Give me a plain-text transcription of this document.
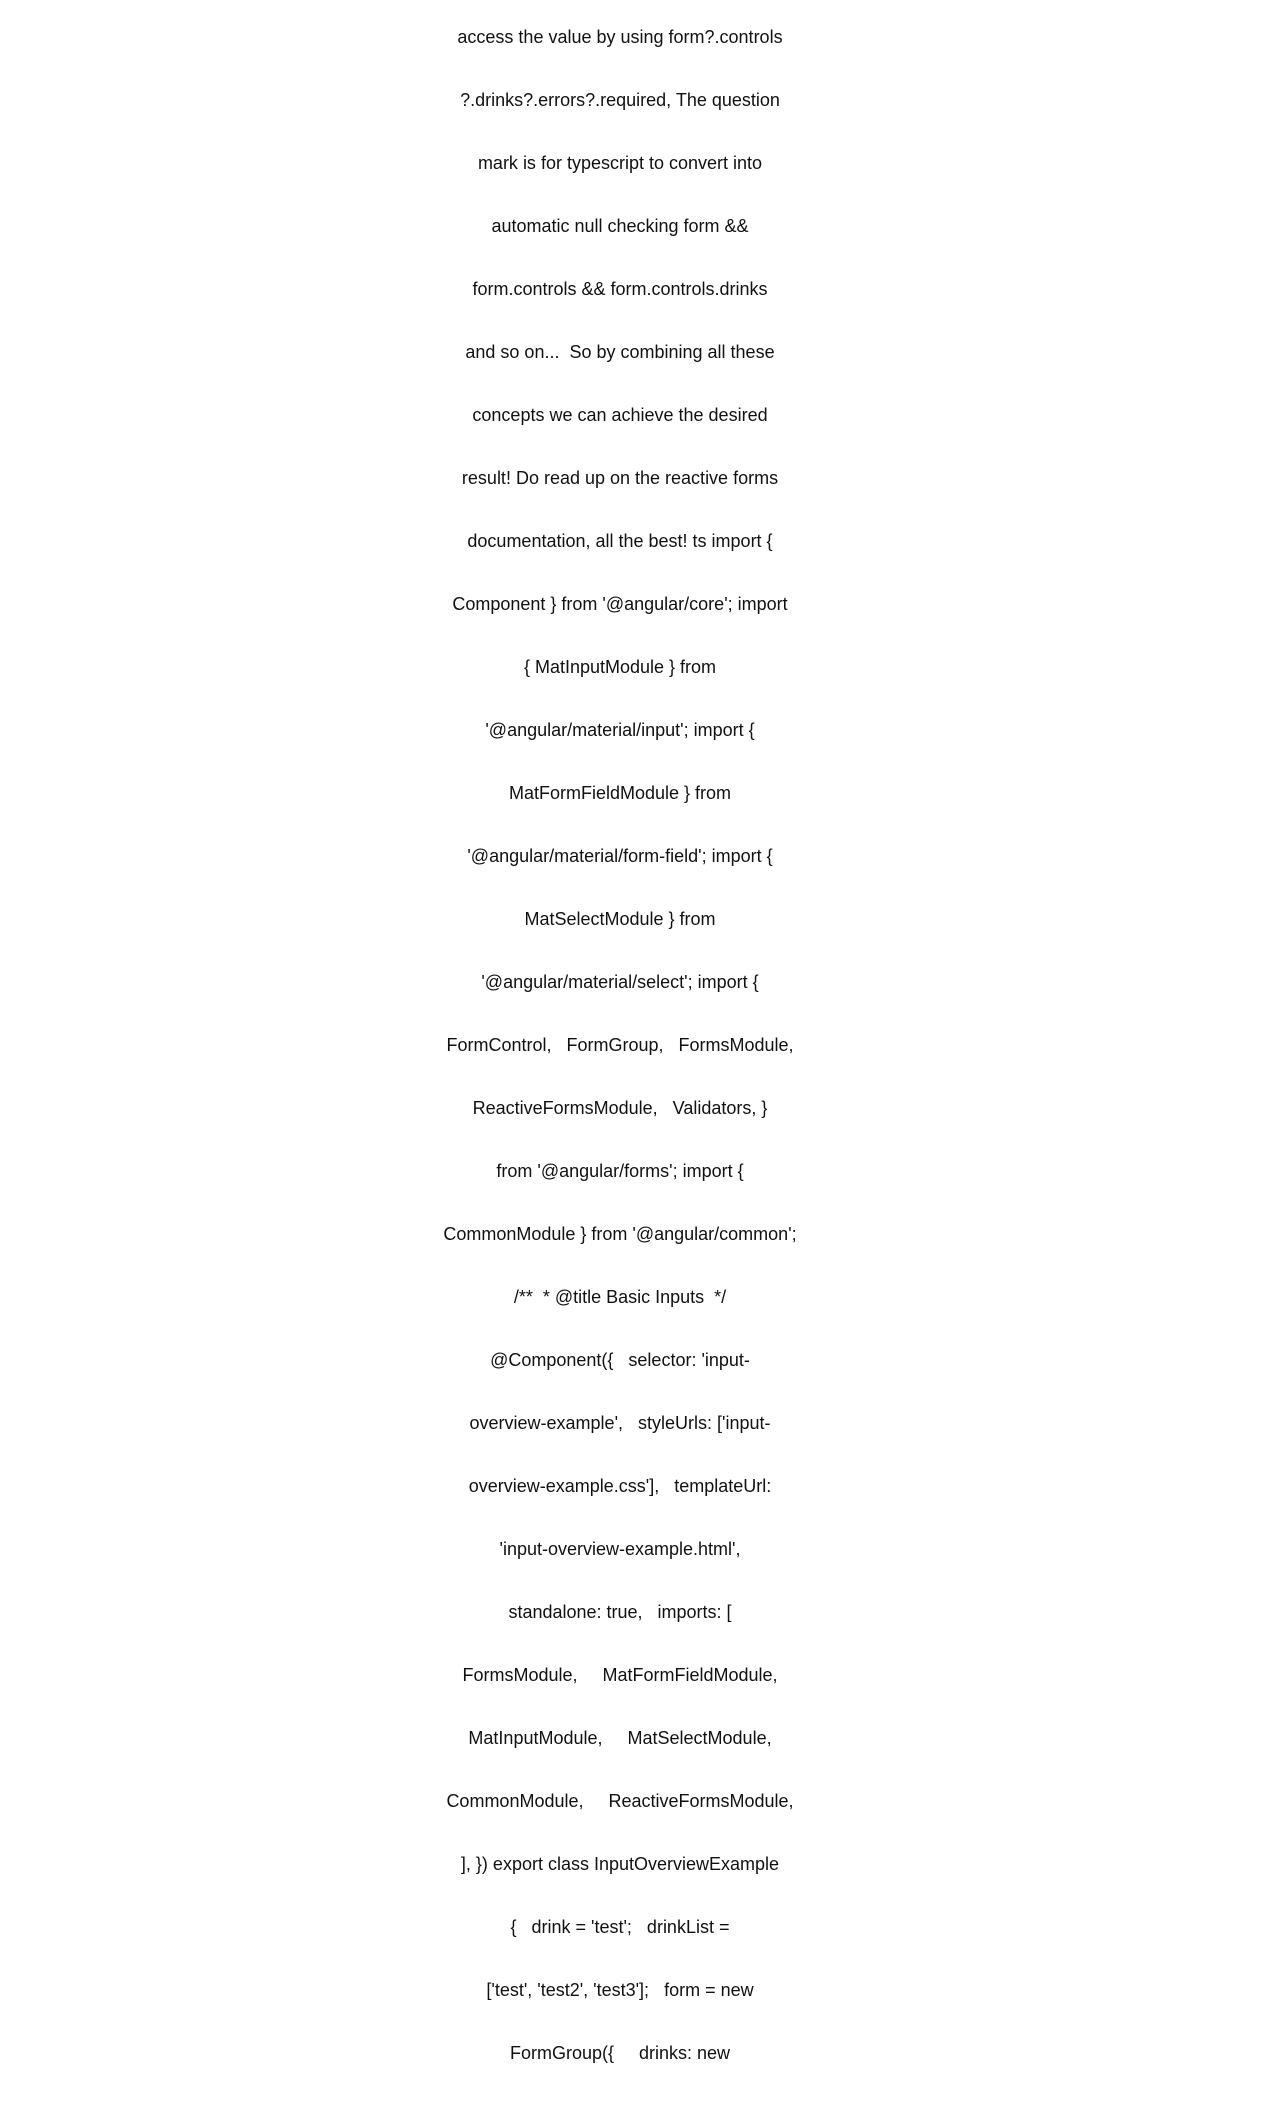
access the value by using form?.controls

?.drinks?.errors?.required, The question

mark is for typescript to convert into

automatic null checking form &&

form.controls && form.controls.drinks

and so on...  So by combining all these

concepts we can achieve the desired

result! Do read up on the reactive forms

documentation, all the best! ts import {

Component } from '@angular/core'; import

{ MatInputModule } from

'@angular/material/input'; import {

MatFormFieldModule } from

'@angular/material/form-field'; import {

MatSelectModule } from

'@angular/material/select'; import {

FormControl,   FormGroup,   FormsModule,

ReactiveFormsModule,   Validators, }

from '@angular/forms'; import {

CommonModule } from '@angular/common';

/**  * @title Basic Inputs  */

@Component({   selector: 'input-

overview-example',   styleUrls: ['input-

overview-example.css'],   templateUrl:

'input-overview-example.html',

standalone: true,   imports: [

FormsModule,     MatFormFieldModule,

MatInputModule,     MatSelectModule,

CommonModule,     ReactiveFormsModule,

], }) export class InputOverviewExample

{   drink = 'test';   drinkList =

['test', 'test2', 'test3'];   form = new

FormGroup({     drinks: new
